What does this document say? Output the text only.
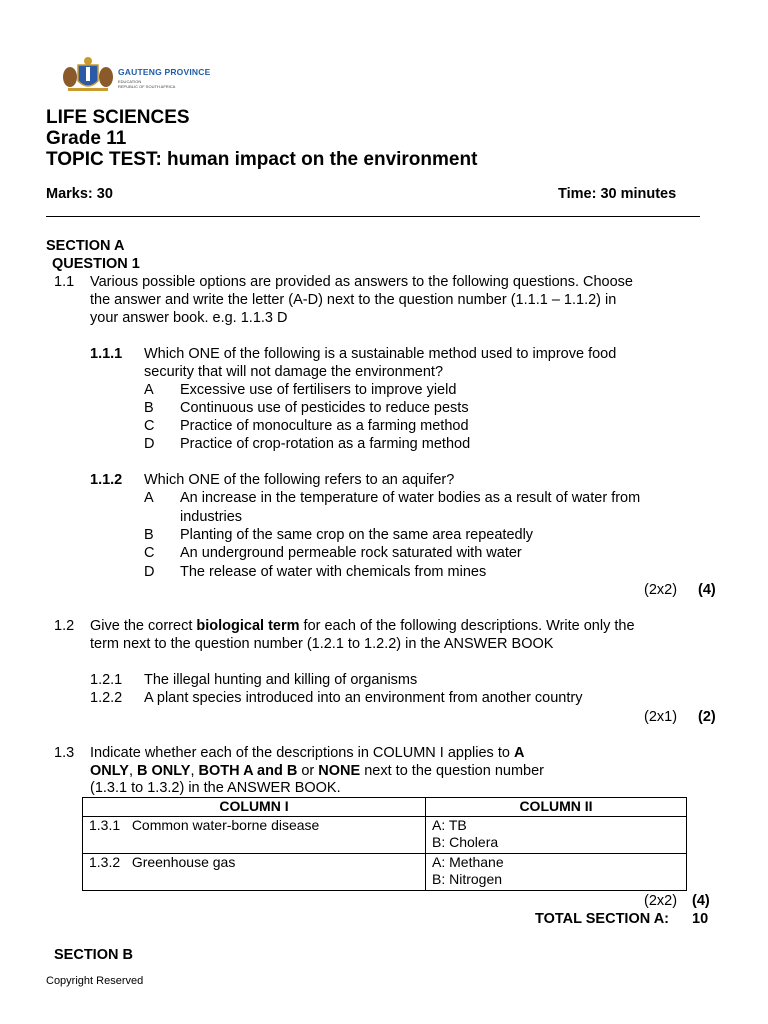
GAUTENG PROVINCE
EDUCATION
REPUBLIC OF SOUTH AFRICA
LIFE SCIENCES
Grade 11
TOPIC TEST: human impact on the environment
Marks: 30	Time: 30 minutes
SECTION A
QUESTION 1
1.1 Various possible options are provided as answers to the following questions. Choose
the answer and write the letter (A-D) next to the question number (1.1.1 – 1.1.2) in
your answer book. e.g. 1.1.3 D
1.1.1 Which ONE of the following is a sustainable method used to improve food
security that will not damage the environment?
A Excessive use of fertilisers to improve yield
B Continuous use of pesticides to reduce pests
C Practice of monoculture as a farming method
D Practice of crop-rotation as a farming method
1.1.2 Which ONE of the following refers to an aquifer?
A An increase in the temperature of water bodies as a result of water from
industries
B Planting of the same crop on the same area repeatedly
C An underground permeable rock saturated with water
D The release of water with chemicals from mines
(2x2) (4)
1.2 Give the correct biological term for each of the following descriptions. Write only the
term next to the question number (1.2.1 to 1.2.2) in the ANSWER BOOK
1.2.1 The illegal hunting and killing of organisms
1.2.2 A plant species introduced into an environment from another country
(2x1) (2)
1.3 Indicate whether each of the descriptions in COLUMN I applies to A
ONLY, B ONLY, BOTH A and B or NONE next to the question number
(1.3.1 to 1.3.2) in the ANSWER BOOK.
COLUMN I	COLUMN II
1.3.1 Common water-borne disease	A: TB
B: Cholera

1.3.2 Greenhouse gas	A: Methane
B: Nitrogen
(2x2) (4)
TOTAL SECTION A: 10
SECTION B
Copyright Reserved
